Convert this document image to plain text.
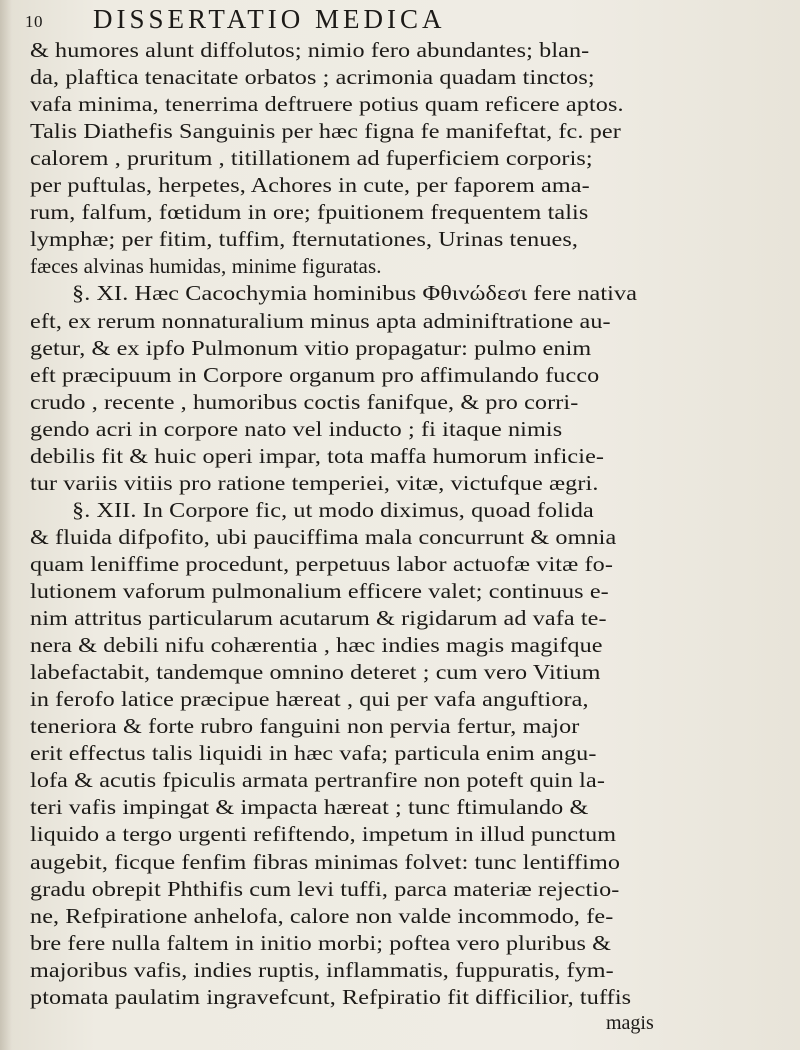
10 DISSERTATIO MEDICA
& humores alunt diffolutos; nimio fero abundantes; blan-
da, plaftica tenacitate orbatos ; acrimonia quadam tinctos;
vafa minima, tenerrima deftruere potius quam reficere aptos.
Talis Diathefis Sanguinis per hæc figna fe manifeftat, fc. per
calorem , pruritum , titillationem ad fuperficiem corporis;
per puftulas, herpetes, Achores in cute, per faporem ama-
rum, falfum, fœtidum in ore; fpuitionem frequentem talis
lymphæ; per fitim, tuffim, fternutationes, Urinas tenues,
fæces alvinas humidas, minime figuratas.
§. XI. Hæc Cacochymia hominibus Φθινώδεσι fere nativa
eft, ex rerum nonnaturalium minus apta adminiftratione au-
getur, & ex ipfo Pulmonum vitio propagatur: pulmo enim
eft præcipuum in Corpore organum pro affimulando fucco
crudo , recente , humoribus coctis fanifque, & pro corri-
gendo acri in corpore nato vel inducto ; fi itaque nimis
debilis fit & huic operi impar, tota maffa humorum inficie-
tur variis vitiis pro ratione temperiei, vitæ, victufque ægri.
§. XII. In Corpore fic, ut modo diximus, quoad folida
& fluida difpofito, ubi pauciffima mala concurrunt & omnia
quam leniffime procedunt, perpetuus labor actuofæ vitæ fo-
lutionem vaforum pulmonalium efficere valet; continuus e-
nim attritus particularum acutarum & rigidarum ad vafa te-
nera & debili nifu cohærentia , hæc indies magis magifque
labefactabit, tandemque omnino deteret ; cum vero Vitium
in ferofo latice præcipue hæreat , qui per vafa anguftiora,
teneriora & forte rubro fanguini non pervia fertur, major
erit effectus talis liquidi in hæc vafa; particula enim angu-
lofa & acutis fpiculis armata pertranfire non poteft quin la-
teri vafis impingat & impacta hæreat ; tunc ftimulando &
liquido a tergo urgenti refiftendo, impetum in illud punctum
augebit, ficque fenfim fibras minimas folvet: tunc lentiffimo
gradu obrepit Phthifis cum levi tuffi, parca materiæ rejectio-
ne, Refpiratione anhelofa, calore non valde incommodo, fe-
bre fere nulla faltem in initio morbi; poftea vero pluribus &
majoribus vafis, indies ruptis, inflammatis, fuppuratis, fym-
ptomata paulatim ingravefcunt, Refpiratio fit difficilior, tuffis
magis
